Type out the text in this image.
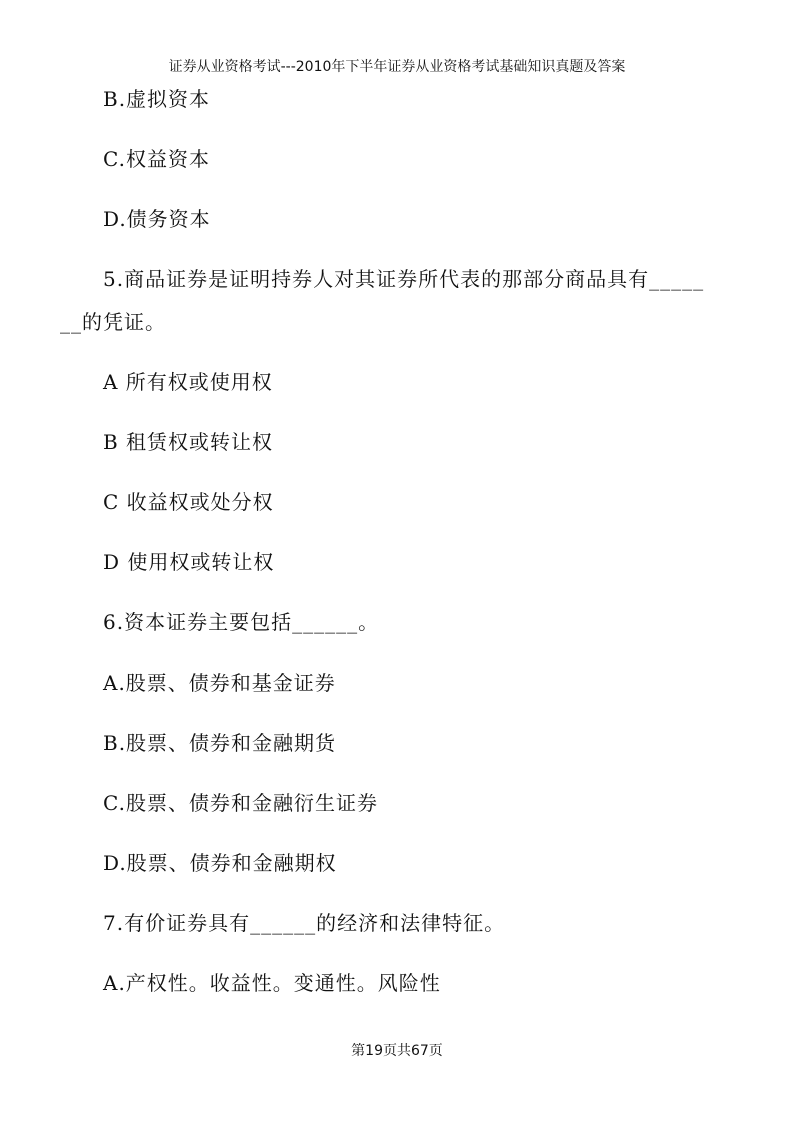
证券从业资格考试---2010年下半年证券从业资格考试基础知识真题及答案
B.虚拟资本
C.权益资本
D.债务资本
5.商品证券是证明持券人对其证券所代表的那部分商品具有_____
__的凭证。
A 所有权或使用权
B 租赁权或转让权
C 收益权或处分权
D 使用权或转让权
6.资本证券主要包括______。
A.股票、债券和基金证券
B.股票、债券和金融期货
C.股票、债券和金融衍生证券
D.股票、债券和金融期权
7.有价证券具有______的经济和法律特征。
A.产权性。收益性。变通性。风险性
第19页共67页
